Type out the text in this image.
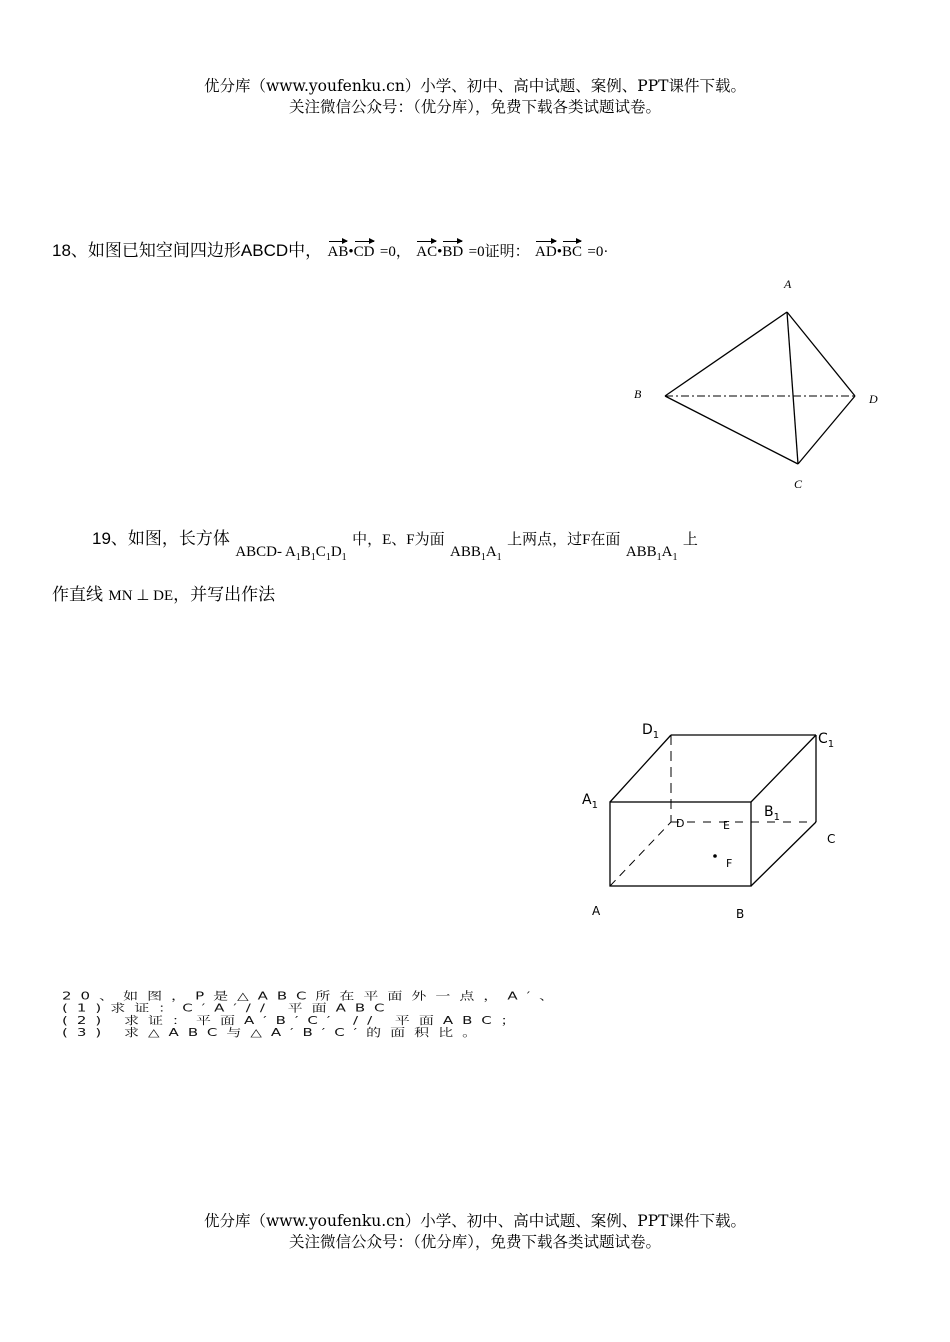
优分库（www.youfenku.cn）小学、初中、高中试题、案例、PPT课件下载。
关注微信公众号：（优分库），免费下载各类试题试卷。
18、如图已知空间四边形ABCD中， AB•CD =0， AC•BD =0证明： AD•BC =0·
A
B
C
D
19、如图，长方体 ABCD- $A_1B_1C_1D_1$ 中，E、F为面 $ABB_1A_1$ 上两点，过F在面 $ABB_1A_1$ 上
作直线 MN ⊥ DE，并写出作法
$D_1$	$C_1$
$A_1$	$B_1$
D	E
F
C
A	B
20、如图，P是△ABC所在平面外一点，A′、
(1)求证：C′A′// 平面ABC
(2) 求证：平面A′B′C′ // 平面ABC；
(3) 求△ABC与△A′B′C′的面积比。
优分库（www.youfenku.cn）小学、初中、高中试题、案例、PPT课件下载。
关注微信公众号：（优分库），免费下载各类试题试卷。
